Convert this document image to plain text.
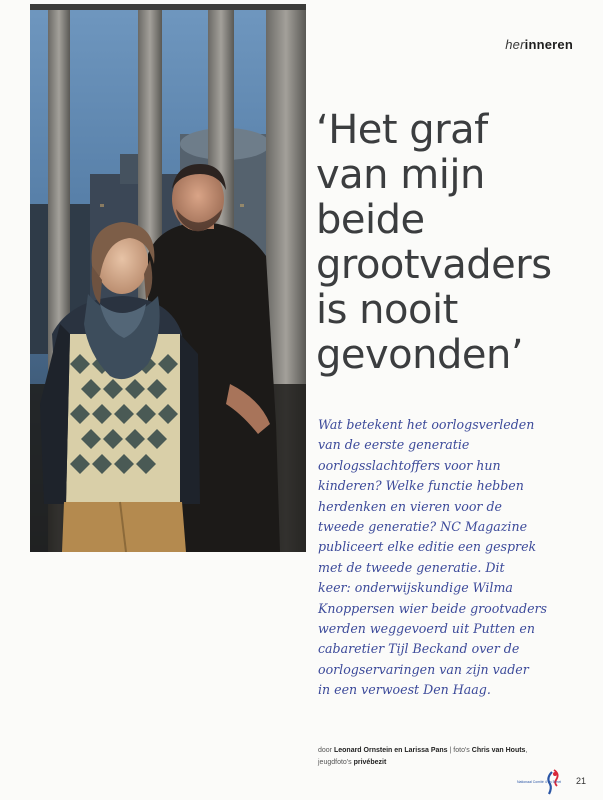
herinneren
‘Het graf
van mijn
beide
grootvaders
is nooit
gevonden’
Wat betekent het oorlogsverleden
van de eerste generatie
oorlogsslachtoffers voor hun
kinderen? Welke functie hebben
herdenken en vieren voor de
tweede generatie? NC Magazine
publiceert elke editie een gesprek
met de tweede generatie. Dit
keer: onderwijskundige Wilma
Knoppersen wier beide grootvaders
werden weggevoerd uit Putten en
cabaretier Tijl Beckand over de
oorlogservaringen van zijn vader
in een verwoest Den Haag.
door Leonard Ornstein en Larissa Pans | foto's Chris van Houts,
jeugdfoto's privébezit
Nationaal Comité 4 en 5 mei 21
